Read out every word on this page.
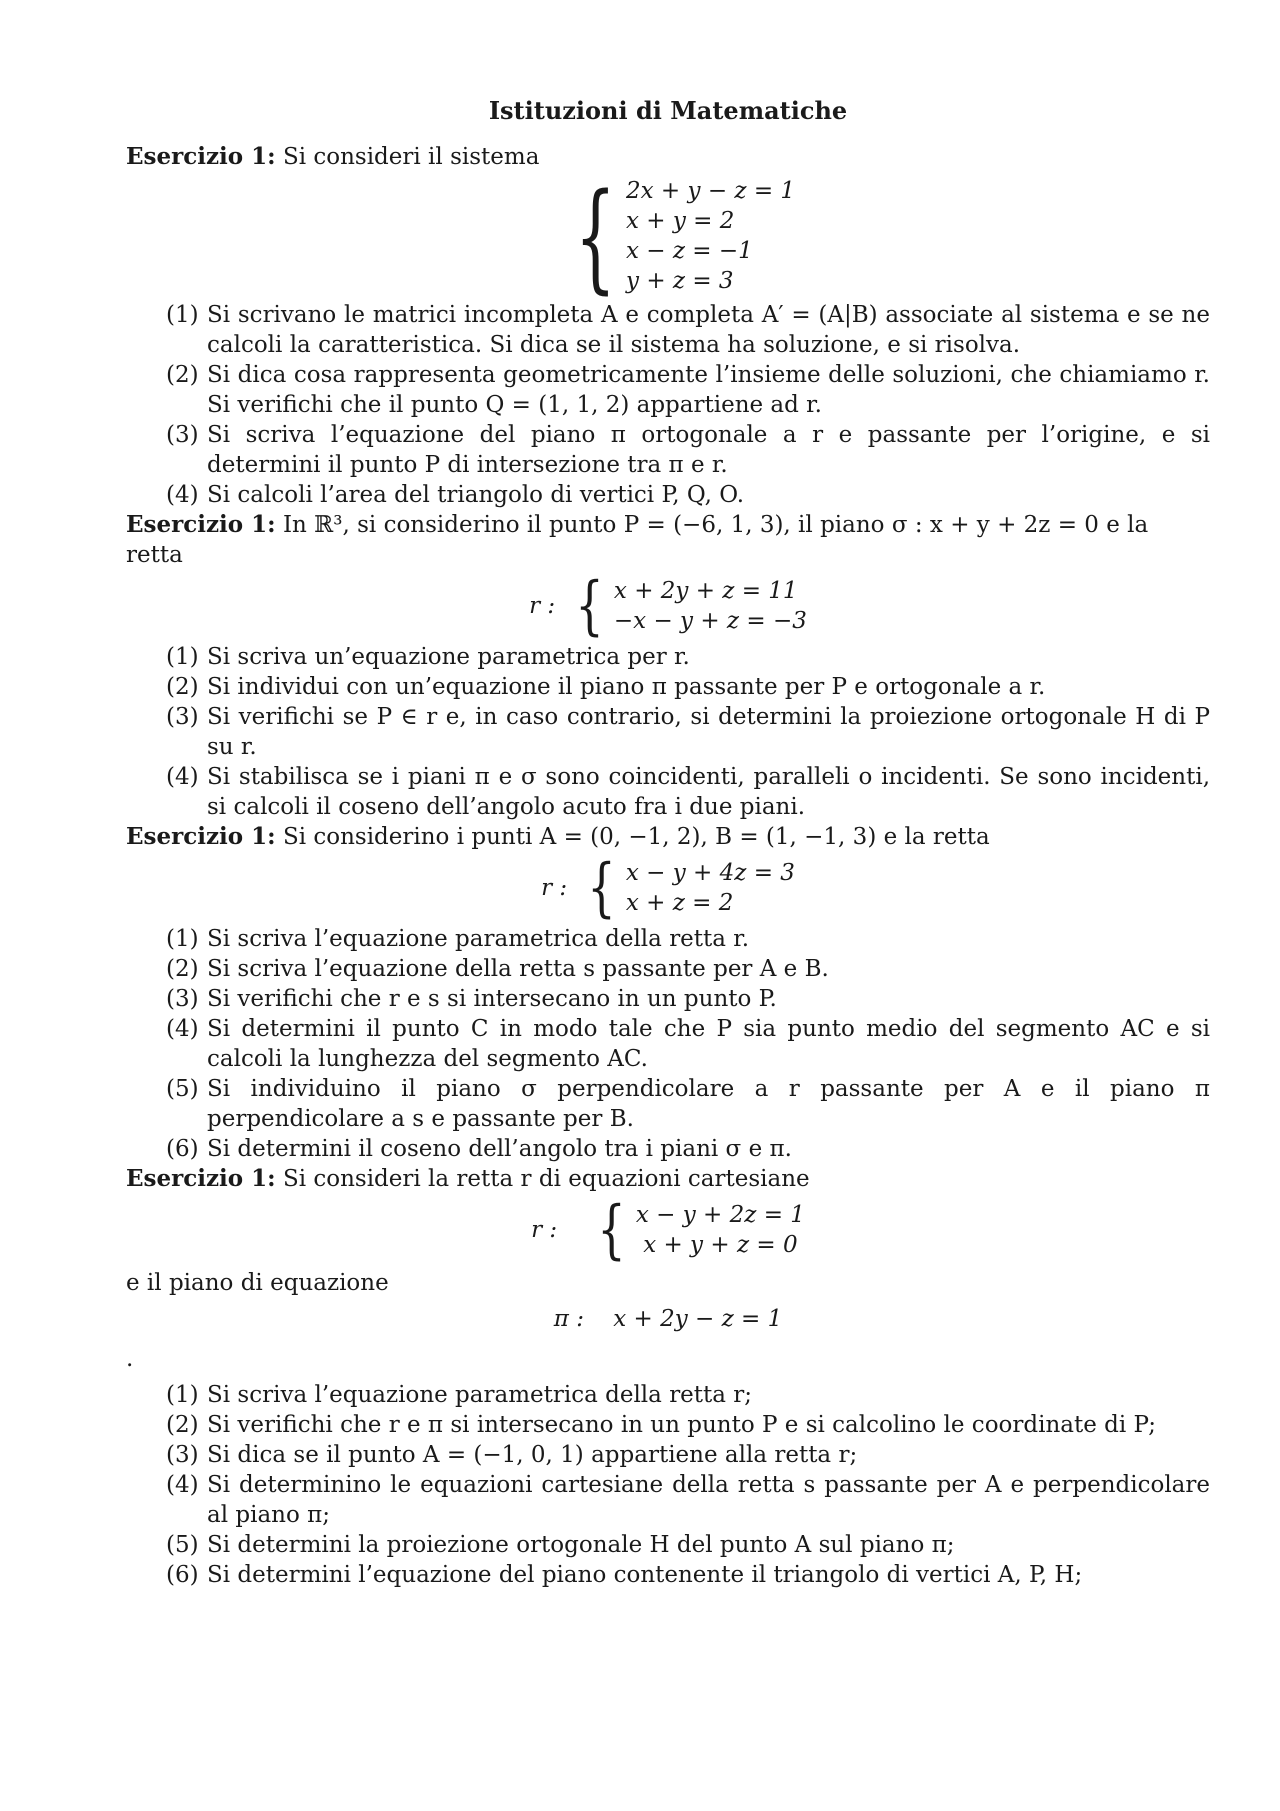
Istituzioni di Matematiche

Esercizio 1: Si consideri il sistema

{ 2x + y − z = 1
x + y = 2
x − z = −1
y + z = 3
(1) Si scrivano le matrici incompleta A e completa A′ = (A|B) associate al sistema e se ne calcoli la caratteristica. Si dica se il sistema ha soluzione, e si risolva.
(2) Si dica cosa rappresenta geometricamente l’insieme delle soluzioni, che chiamiamo r. Si verifichi che il punto Q = (1, 1, 2) appartiene ad r.
(3) Si scriva l’equazione del piano π ortogonale a r e passante per l’origine, e si determini il punto P di intersezione tra π e r.
(4) Si calcoli l’area del triangolo di vertici P, Q, O.

Esercizio 1: In ℝ³, si considerino il punto P = (−6, 1, 3), il piano σ : x + y + 2z = 0 e la retta

r : { x + 2y + z = 11
−x − y + z = −3
(1) Si scriva un’equazione parametrica per r.
(2) Si individui con un’equazione il piano π passante per P e ortogonale a r.
(3) Si verifichi se P ∈ r e, in caso contrario, si determini la proiezione ortogonale H di P su r.
(4) Si stabilisca se i piani π e σ sono coincidenti, paralleli o incidenti. Se sono incidenti, si calcoli il coseno dell’angolo acuto fra i due piani.

Esercizio 1: Si considerino i punti A = (0, −1, 2), B = (1, −1, 3) e la retta

r : { x − y + 4z = 3
x + z = 2
(1) Si scriva l’equazione parametrica della retta r.
(2) Si scriva l’equazione della retta s passante per A e B.
(3) Si verifichi che r e s si intersecano in un punto P.
(4) Si determini il punto C in modo tale che P sia punto medio del segmento AC e si calcoli la lunghezza del segmento AC.
(5) Si individuino il piano σ perpendicolare a r passante per A e il piano π perpendicolare a s e passante per B.
(6) Si determini il coseno dell’angolo tra i piani σ e π.

Esercizio 1: Si consideri la retta r di equazioni cartesiane

r : { x − y + 2z = 1
x + y + z = 0

e il piano di equazione

π :
x + 2y − z = 1

.

(1) Si scriva l’equazione parametrica della retta r;
(2) Si verifichi che r e π si intersecano in un punto P e si calcolino le coordinate di P;
(3) Si dica se il punto A = (−1, 0, 1) appartiene alla retta r;
(4) Si determinino le equazioni cartesiane della retta s passante per A e perpendicolare al piano π;
(5) Si determini la proiezione ortogonale H del punto A sul piano π;
(6) Si determini l’equazione del piano contenente il triangolo di vertici A, P, H;
